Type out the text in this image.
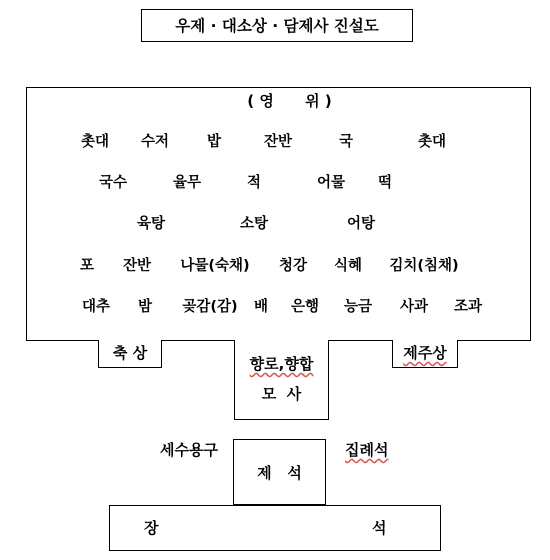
우제 · 대소상 · 담제사 진설도
( 영      위 )
촛대 수저	밥	잔반	국	촛대
국수	율무	적	어물 떡
육탕	소탕	어탕
포 잔반 나물(숙채) 청강 식혜 김치(침채)
대추 밤 곶감(감) 배 은행 능금 사과 조과
축 상	제주상
향로,향합
모  사
세수용구	집례석
제   석
장	석
